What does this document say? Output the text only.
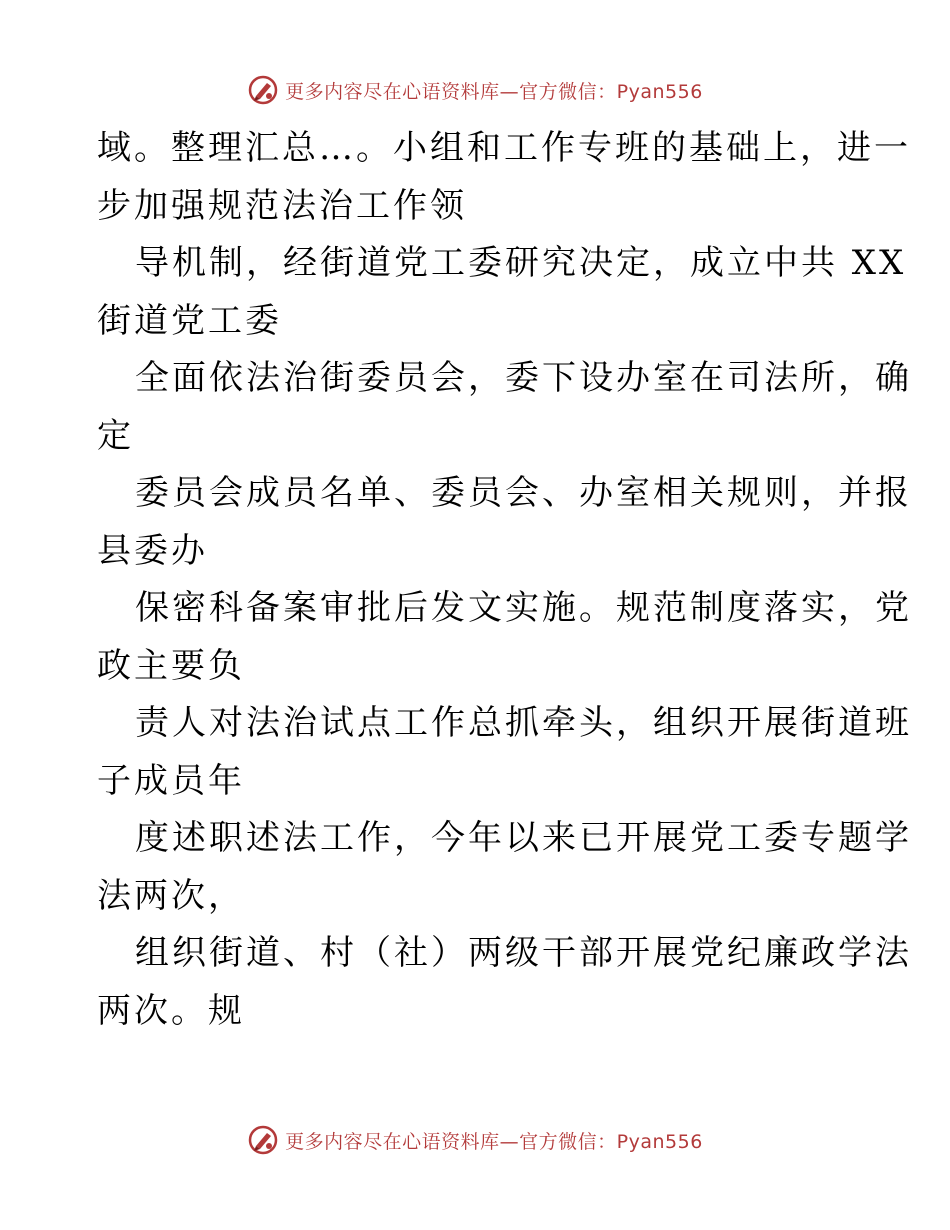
更多内容尽在心语资料库—官方微信：Pyan556
域。整理汇总…。小组和工作专班的基础上，进一
步加强规范法治工作领
导机制，经街道党工委研究决定，成立中共 XX
街道党工委
全面依法治街委员会，委下设办室在司法所，确
定
委员会成员名单、委员会、办室相关规则，并报
县委办
保密科备案审批后发文实施。规范制度落实，党
政主要负
责人对法治试点工作总抓牵头，组织开展街道班
子成员年
度述职述法工作，今年以来已开展党工委专题学
法两次，
组织街道、村（社）两级干部开展党纪廉政学法
两次。规
更多内容尽在心语资料库—官方微信：Pyan556
